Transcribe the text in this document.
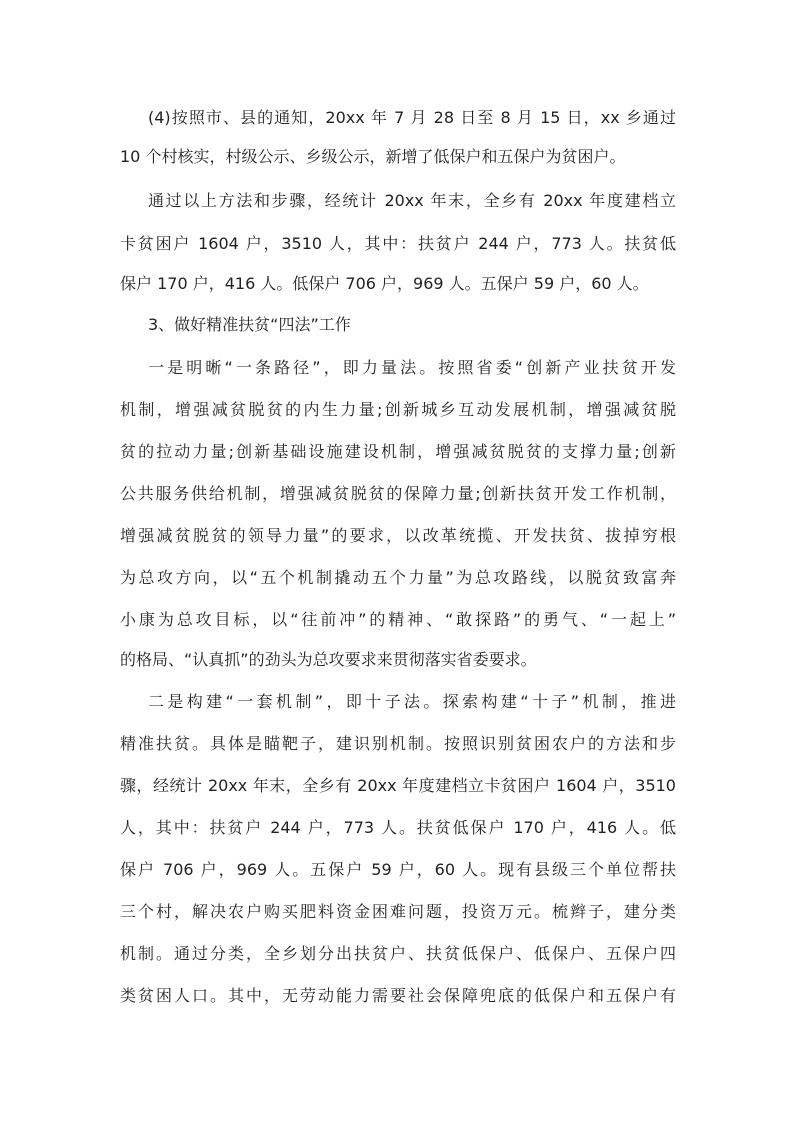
(4)按照市、县的通知，20xx 年 7 月 28 日至 8 月 15 日，xx 乡通过
10 个村核实，村级公示、乡级公示，新增了低保户和五保户为贫困户。
通过以上方法和步骤，经统计 20xx 年末，全乡有 20xx 年度建档立
卡贫困户 1604 户，3510 人，其中：扶贫户 244 户，773 人。扶贫低
保户 170 户，416 人。低保户 706 户，969 人。五保户 59 户，60 人。
3、做好精准扶贫“四法”工作
一是明晰“一条路径”，即力量法。按照省委“创新产业扶贫开发
机制，增强减贫脱贫的内生力量;创新城乡互动发展机制，增强减贫脱
贫的拉动力量;创新基础设施建设机制，增强减贫脱贫的支撑力量;创新
公共服务供给机制，增强减贫脱贫的保障力量;创新扶贫开发工作机制，
增强减贫脱贫的领导力量”的要求，以改革统揽、开发扶贫、拔掉穷根
为总攻方向，以“五个机制撬动五个力量”为总攻路线，以脱贫致富奔
小康为总攻目标，以“往前冲”的精神、“敢探路”的勇气、“一起上”
的格局、“认真抓”的劲头为总攻要求来贯彻落实省委要求。
二是构建“一套机制”，即十子法。探索构建“十子”机制，推进
精准扶贫。具体是瞄靶子，建识别机制。按照识别贫困农户的方法和步
骤，经统计 20xx 年末，全乡有 20xx 年度建档立卡贫困户 1604 户，3510
人，其中：扶贫户 244 户，773 人。扶贫低保户 170 户，416 人。低
保户 706 户，969 人。五保户 59 户，60 人。现有县级三个单位帮扶
三个村，解决农户购买肥料资金困难问题，投资万元。梳辫子，建分类
机制。通过分类，全乡划分出扶贫户、扶贫低保户、低保户、五保户四
类贫困人口。其中，无劳动能力需要社会保障兜底的低保户和五保户有
